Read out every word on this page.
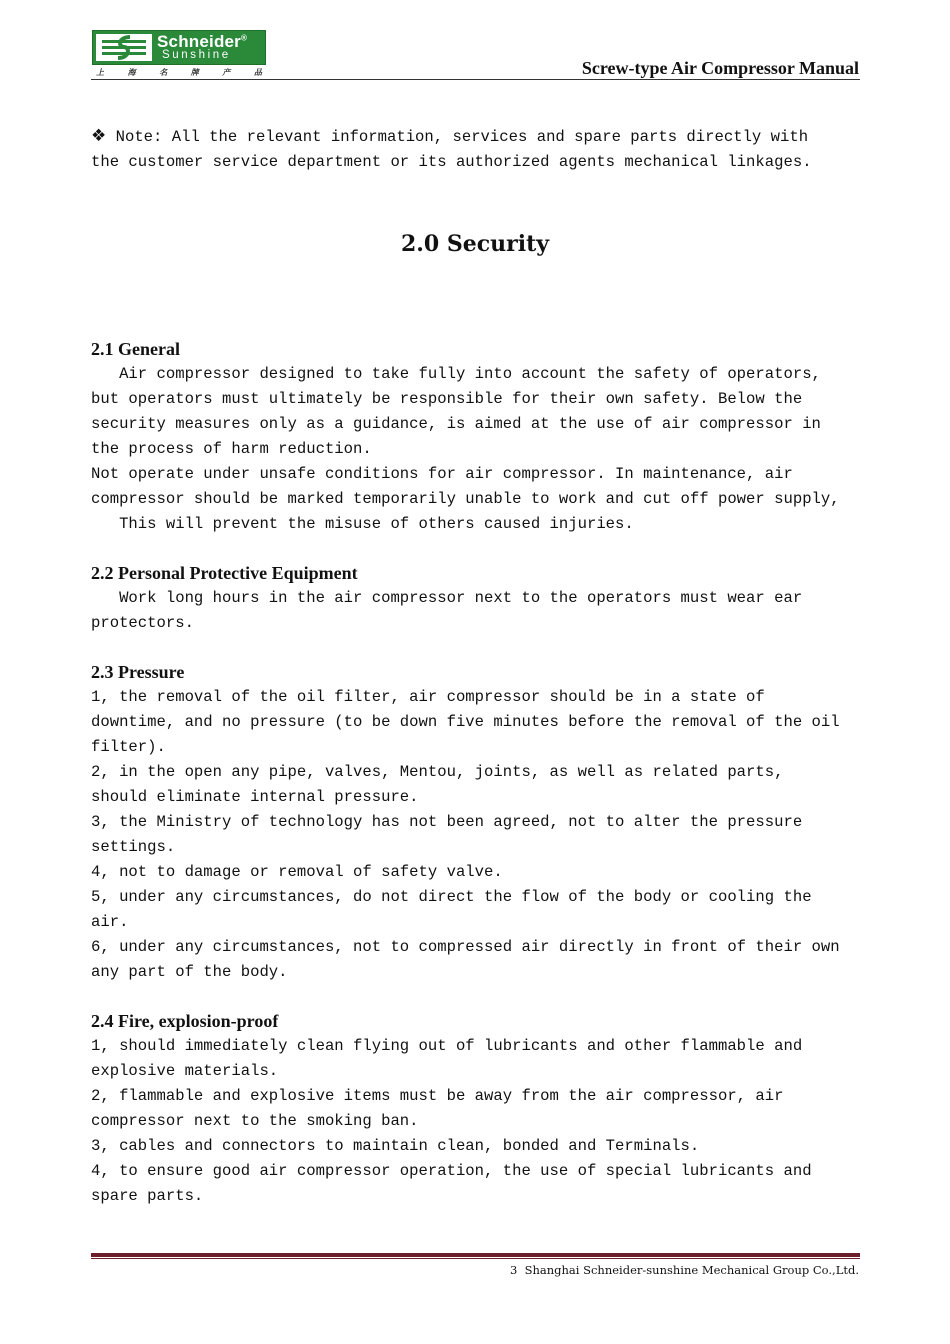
Schneider®
Sunshine
上	海	名	牌	产	品	Screw-type Air Compressor Manual
❖ Note: All the relevant information, services and spare parts directly with
the customer service department or its authorized agents mechanical linkages.
2.0 Security
2.1 General
Air compressor designed to take fully into account the safety of operators,
but operators must ultimately be responsible for their own safety. Below the
security measures only as a guidance, is aimed at the use of air compressor in
the process of harm reduction.
Not operate under unsafe conditions for air compressor. In maintenance, air
compressor should be marked temporarily unable to work and cut off power supply,
This will prevent the misuse of others caused injuries.
2.2 Personal Protective Equipment
Work long hours in the air compressor next to the operators must wear ear
protectors.
2.3 Pressure
1, the removal of the oil filter, air compressor should be in a state of
downtime, and no pressure (to be down five minutes before the removal of the oil
filter).
2, in the open any pipe, valves, Mentou, joints, as well as related parts,
should eliminate internal pressure.
3, the Ministry of technology has not been agreed, not to alter the pressure
settings.
4, not to damage or removal of safety valve.
5, under any circumstances, do not direct the flow of the body or cooling the
air.
6, under any circumstances, not to compressed air directly in front of their own
any part of the body.
2.4 Fire, explosion-proof
1, should immediately clean flying out of lubricants and other flammable and
explosive materials.
2, flammable and explosive items must be away from the air compressor, air
compressor next to the smoking ban.
3, cables and connectors to maintain clean, bonded and Terminals.
4, to ensure good air compressor operation, the use of special lubricants and
spare parts.
3 Shanghai Schneider-sunshine Mechanical Group Co.,Ltd.
